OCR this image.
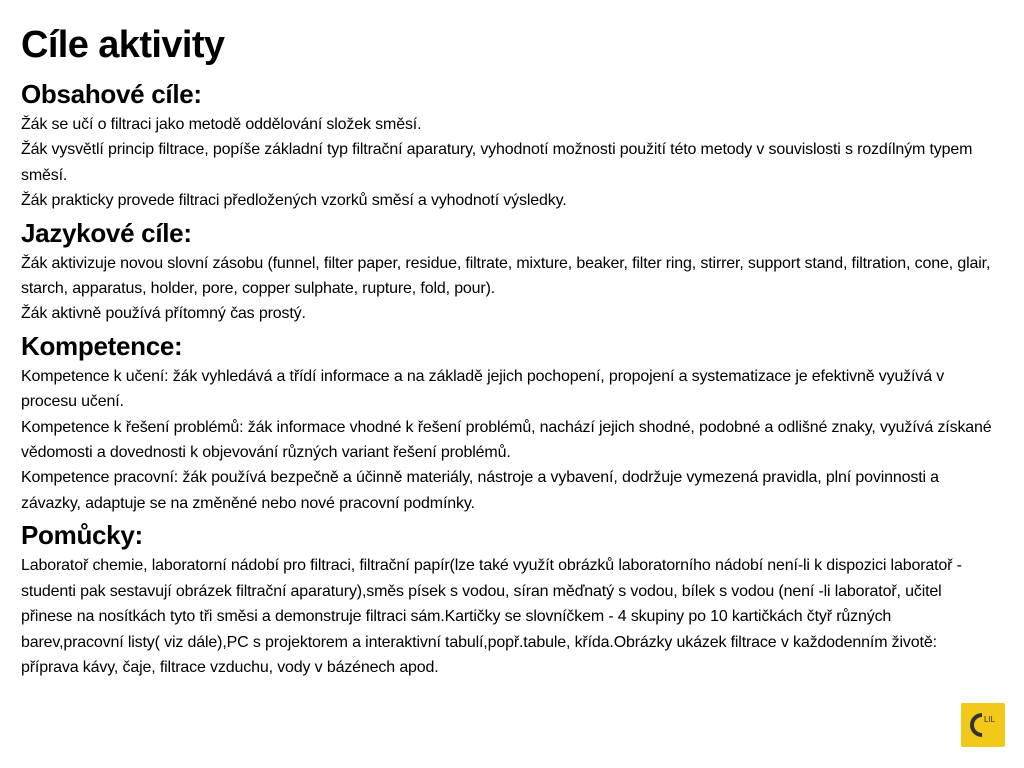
Cíle aktivity
Obsahové cíle:

Žák se učí o filtraci jako metodě oddělování složek směsí.

Žák vysvětlí princip filtrace, popíše základní typ filtrační aparatury, vyhodnotí možnosti použití této metody v souvislosti s rozdílným typem směsí.

Žák prakticky provede filtraci předložených vzorků směsí a vyhodnotí výsledky.

Jazykové cíle:

Žák aktivizuje novou slovní zásobu (funnel, filter paper, residue, filtrate, mixture, beaker, filter ring, stirrer, support stand, filtration, cone, glair, starch, apparatus, holder, pore, copper sulphate, rupture, fold, pour).

Žák aktivně používá přítomný čas prostý.

Kompetence:

Kompetence k učení: žák vyhledává a třídí informace a na základě jejich pochopení, propojení a systematizace je efektivně využívá v procesu učení.

Kompetence k řešení problémů: žák informace vhodné k řešení problémů, nachází jejich shodné, podobné a odlišné znaky, využívá získané vědomosti a dovednosti k objevování různých variant řešení problémů.

Kompetence pracovní: žák používá bezpečně a účinně materiály, nástroje a vybavení, dodržuje vymezená pravidla, plní povinnosti a závazky, adaptuje se na změněné nebo nové pracovní podmínky.

Pomůcky:

Laboratoř chemie, laboratorní nádobí pro filtraci, filtrační papír(lze také využít obrázků laboratorního nádobí není-li k dispozici laboratoř -studenti pak sestavují obrázek filtrační aparatury),směs písek s vodou, síran měďnatý s vodou, bílek s vodou (není -li laboratoř, učitel přinese na nosítkách tyto tři směsi a demonstruje filtraci sám.Kartičky se slovníčkem - 4 skupiny po 10 kartičkách čtyř různých barev,pracovní listy( viz dále),PC s projektorem a interaktivní tabulí,popř.tabule, křída.Obrázky ukázek filtrace v každodenním životě: příprava kávy, čaje, filtrace vzduchu, vody v bázénech apod.

LIL
